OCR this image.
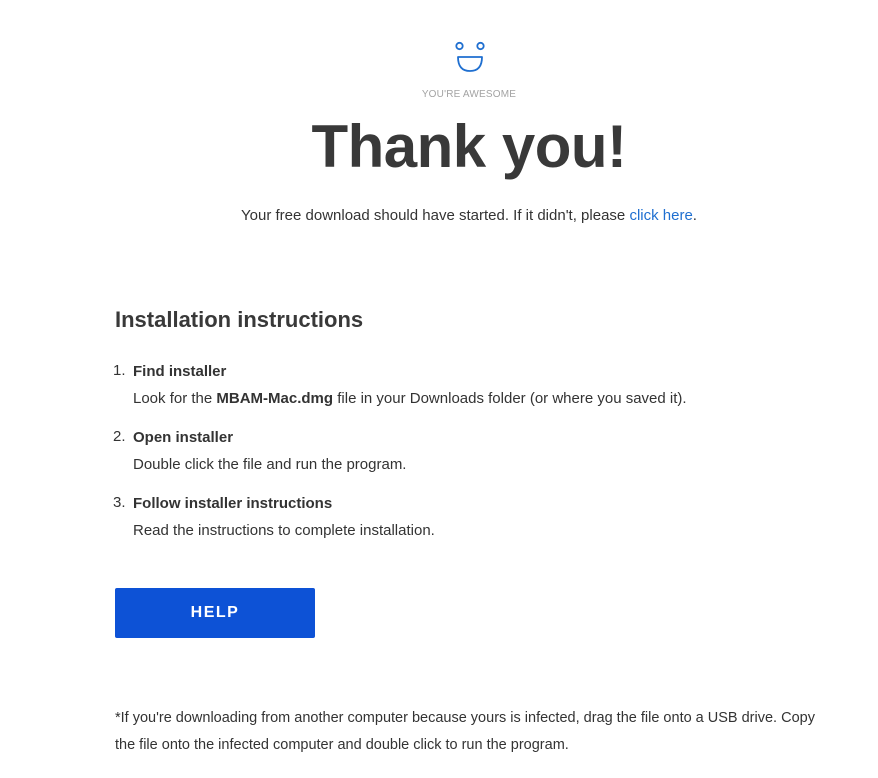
YOU'RE AWESOME
Thank you!

Your free download should have started. If it didn't, please click here.

Installation instructions
1. Find installer
Look for the MBAM-Mac.dmg file in your Downloads folder (or where you saved it).
2. Open installer
Double click the file and run the program.
3. Follow installer instructions
Read the instructions to complete installation.
HELP

*If you're downloading from another computer because yours is infected, drag the file onto a USB drive. Copy the file onto the infected computer and double click to run the program.
